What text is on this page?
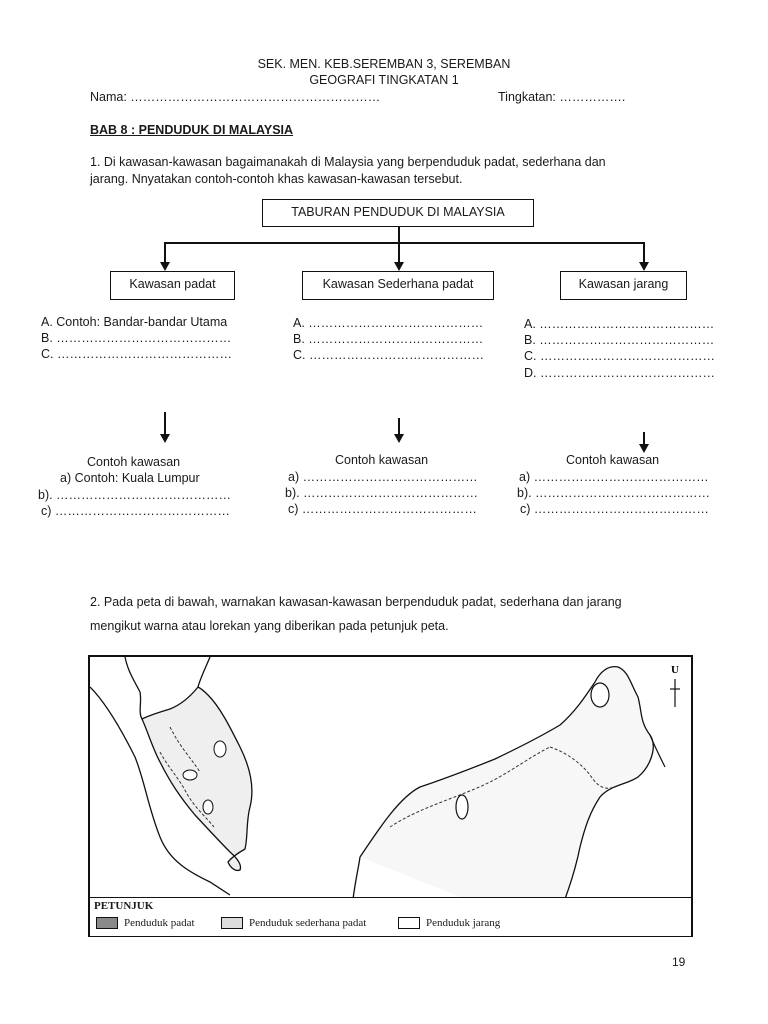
SEK. MEN. KEB.SEREMBAN 3, SEREMBAN
GEOGRAFI TINGKATAN 1
Nama: ……………………………………………………	Tingkatan: …………….
BAB 8 : PENDUDUK DI MALAYSIA
1. Di kawasan-kawasan bagaimanakah di Malaysia yang berpenduduk padat, sederhana dan
jarang. Nnyatakan contoh-contoh khas kawasan-kawasan tersebut.
TABURAN PENDUDUK DI MALAYSIA
Kawasan padat	Kawasan Sederhana padat	Kawasan jarang
A. Contoh: Bandar-bandar Utama
B. ……………………………………
C. ……………………………………
A. ……………………………………
B. ……………………………………
C. ……………………………………
A. ……………………………………
B. ……………………………………
C. ……………………………………
D. ……………………………………
Contoh kawasan
a) Contoh: Kuala Lumpur
b). ……………………………………
c) ……………………………………
Contoh kawasan
a) ……………………………………
b). ……………………………………
c) ……………………………………
Contoh kawasan
a) ……………………………………
b). ……………………………………
c) ……………………………………
2. Pada peta di bawah, warnakan kawasan-kawasan berpenduduk padat, sederhana dan jarang
mengikut warna atau lorekan yang diberikan pada petunjuk peta.
U
PETUNJUK
Penduduk padat	Penduduk sederhana padat	Penduduk jarang
19
